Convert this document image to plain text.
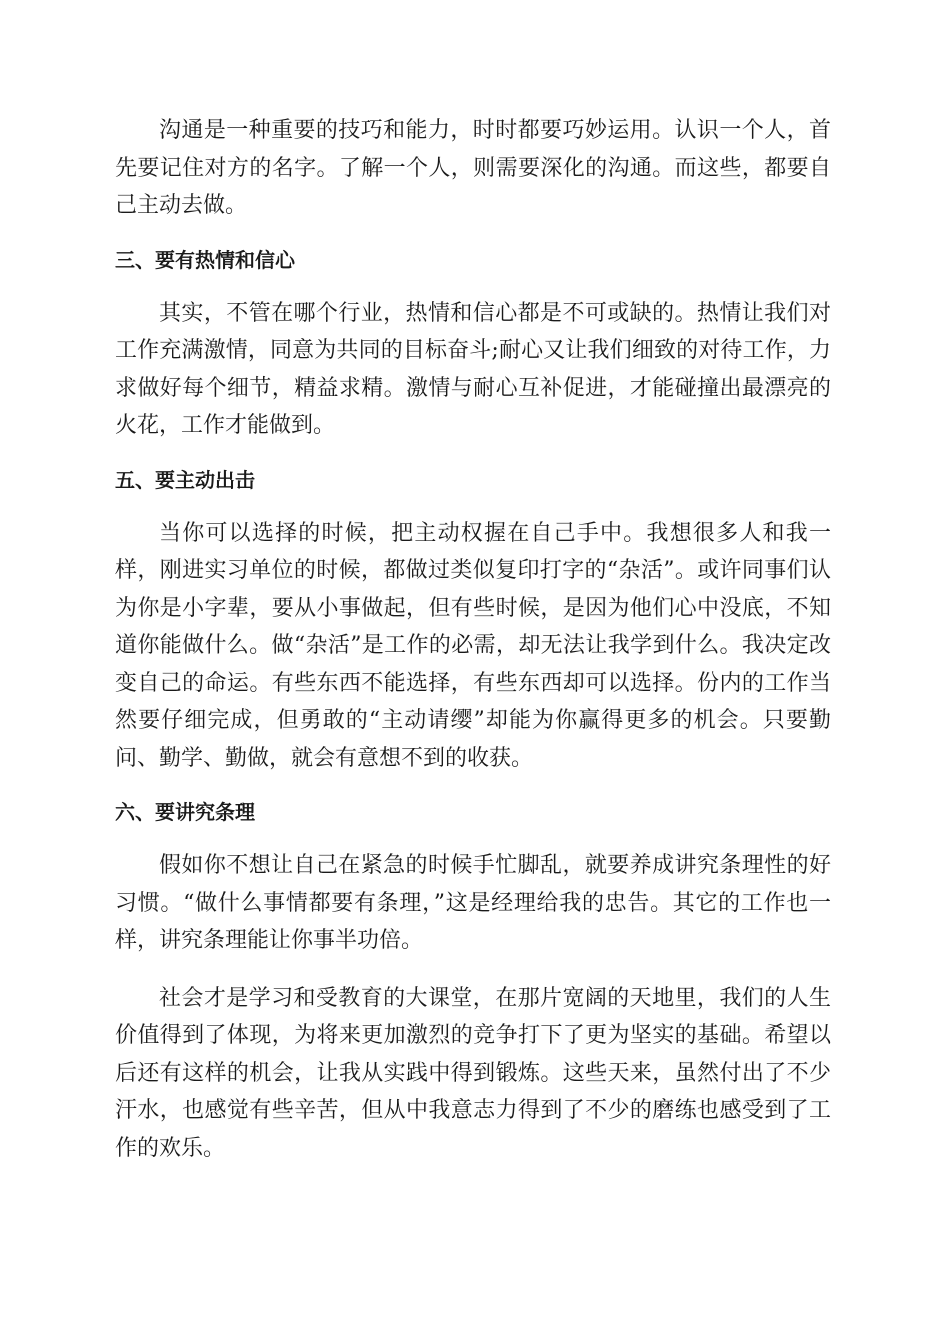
沟通是一种重要的技巧和能力，时时都要巧妙运用。认识一个人，首先要记住对方的名字。了解一个人，则需要深化的沟通。而这些，都要自己主动去做。

三、要有热情和信心

其实，不管在哪个行业，热情和信心都是不可或缺的。热情让我们对工作充满激情，同意为共同的目标奋斗;耐心又让我们细致的对待工作，力求做好每个细节，精益求精。激情与耐心互补促进，才能碰撞出最漂亮的火花，工作才能做到。

五、要主动出击

当你可以选择的时候，把主动权握在自己手中。我想很多人和我一样，刚进实习单位的时候，都做过类似复印打字的“杂活”。或许同事们认为你是小字辈，要从小事做起，但有些时候，是因为他们心中没底，不知道你能做什么。做“杂活”是工作的必需，却无法让我学到什么。我决定改变自己的命运。有些东西不能选择，有些东西却可以选择。份内的工作当然要仔细完成，但勇敢的“主动请缨”却能为你赢得更多的机会。只要勤问、勤学、勤做，就会有意想不到的收获。

六、要讲究条理

假如你不想让自己在紧急的时候手忙脚乱，就要养成讲究条理性的好习惯。“做什么事情都要有条理，”这是经理给我的忠告。其它的工作也一样，讲究条理能让你事半功倍。

社会才是学习和受教育的大课堂，在那片宽阔的天地里，我们的人生价值得到了体现，为将来更加激烈的竞争打下了更为坚实的基础。希望以后还有这样的机会，让我从实践中得到锻炼。这些天来，虽然付出了不少汗水，也感觉有些辛苦，但从中我意志力得到了不少的磨练也感受到了工作的欢乐。
